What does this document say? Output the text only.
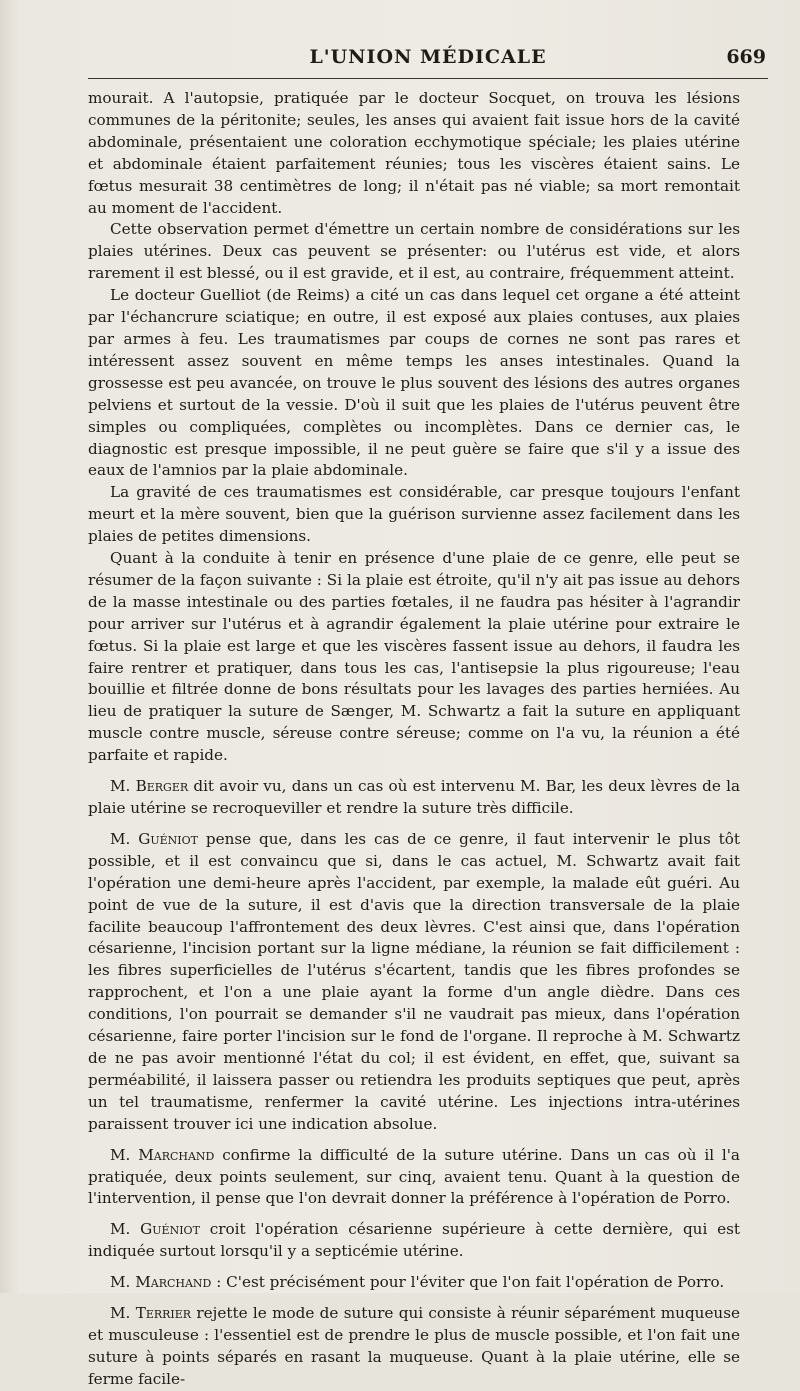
L'UNION MÉDICALE	669

mourait. A l'autopsie, pratiquée par le docteur Socquet, on trouva les lésions communes de la péritonite; seules, les anses qui avaient fait issue hors de la cavité abdominale, présentaient une coloration ecchymotique spéciale; les plaies utérine et abdominale étaient parfaitement réunies; tous les viscères étaient sains. Le fœtus mesurait 38 centimètres de long; il n'était pas né viable; sa mort remontait au moment de l'accident.

Cette observation permet d'émettre un certain nombre de considérations sur les plaies utérines. Deux cas peuvent se présenter: ou l'utérus est vide, et alors rarement il est blessé, ou il est gravide, et il est, au contraire, fréquemment atteint.

Le docteur Guelliot (de Reims) a cité un cas dans lequel cet organe a été atteint par l'échancrure sciatique; en outre, il est exposé aux plaies contuses, aux plaies par armes à feu. Les traumatismes par coups de cornes ne sont pas rares et intéressent assez souvent en même temps les anses intestinales. Quand la grossesse est peu avancée, on trouve le plus souvent des lésions des autres organes pelviens et surtout de la vessie. D'où il suit que les plaies de l'utérus peuvent être simples ou compliquées, complètes ou incomplètes. Dans ce dernier cas, le diagnostic est presque impossible, il ne peut guère se faire que s'il y a issue des eaux de l'amnios par la plaie abdominale.

La gravité de ces traumatismes est considérable, car presque toujours l'enfant meurt et la mère souvent, bien que la guérison survienne assez facilement dans les plaies de petites dimensions.

Quant à la conduite à tenir en présence d'une plaie de ce genre, elle peut se résumer de la façon suivante : Si la plaie est étroite, qu'il n'y ait pas issue au dehors de la masse intestinale ou des parties fœtales, il ne faudra pas hésiter à l'agrandir pour arriver sur l'utérus et à agrandir également la plaie utérine pour extraire le fœtus. Si la plaie est large et que les viscères fassent issue au dehors, il faudra les faire rentrer et pratiquer, dans tous les cas, l'antisepsie la plus rigoureuse; l'eau bouillie et filtrée donne de bons résultats pour les lavages des parties herniées. Au lieu de pratiquer la suture de Sænger, M. Schwartz a fait la suture en appliquant muscle contre muscle, séreuse contre séreuse; comme on l'a vu, la réunion a été parfaite et rapide.

M. Berger dit avoir vu, dans un cas où est intervenu M. Bar, les deux lèvres de la plaie utérine se recroqueviller et rendre la suture très difficile.

M. Guéniot pense que, dans les cas de ce genre, il faut intervenir le plus tôt possible, et il est convaincu que si, dans le cas actuel, M. Schwartz avait fait l'opération une demi-heure après l'accident, par exemple, la malade eût guéri. Au point de vue de la suture, il est d'avis que la direction transversale de la plaie facilite beaucoup l'affrontement des deux lèvres. C'est ainsi que, dans l'opération césarienne, l'incision portant sur la ligne médiane, la réunion se fait difficilement : les fibres superficielles de l'utérus s'écartent, tandis que les fibres profondes se rapprochent, et l'on a une plaie ayant la forme d'un angle dièdre. Dans ces conditions, l'on pourrait se demander s'il ne vaudrait pas mieux, dans l'opération césarienne, faire porter l'incision sur le fond de l'organe. Il reproche à M. Schwartz de ne pas avoir mentionné l'état du col; il est évident, en effet, que, suivant sa perméabilité, il laissera passer ou retiendra les produits septiques que peut, après un tel traumatisme, renfermer la cavité utérine. Les injections intra-utérines paraissent trouver ici une indication absolue.

M. Marchand confirme la difficulté de la suture utérine. Dans un cas où il l'a pratiquée, deux points seulement, sur cinq, avaient tenu. Quant à la question de l'intervention, il pense que l'on devrait donner la préférence à l'opération de Porro.

M. Guéniot croit l'opération césarienne supérieure à cette dernière, qui est indiquée surtout lorsqu'il y a septicémie utérine.

M. Marchand : C'est précisément pour l'éviter que l'on fait l'opération de Porro.

M. Terrier rejette le mode de suture qui consiste à réunir séparément muqueuse et musculeuse : l'essentiel est de prendre le plus de muscle possible, et l'on fait une suture à points séparés en rasant la muqueuse. Quant à la plaie utérine, elle se ferme facile-
